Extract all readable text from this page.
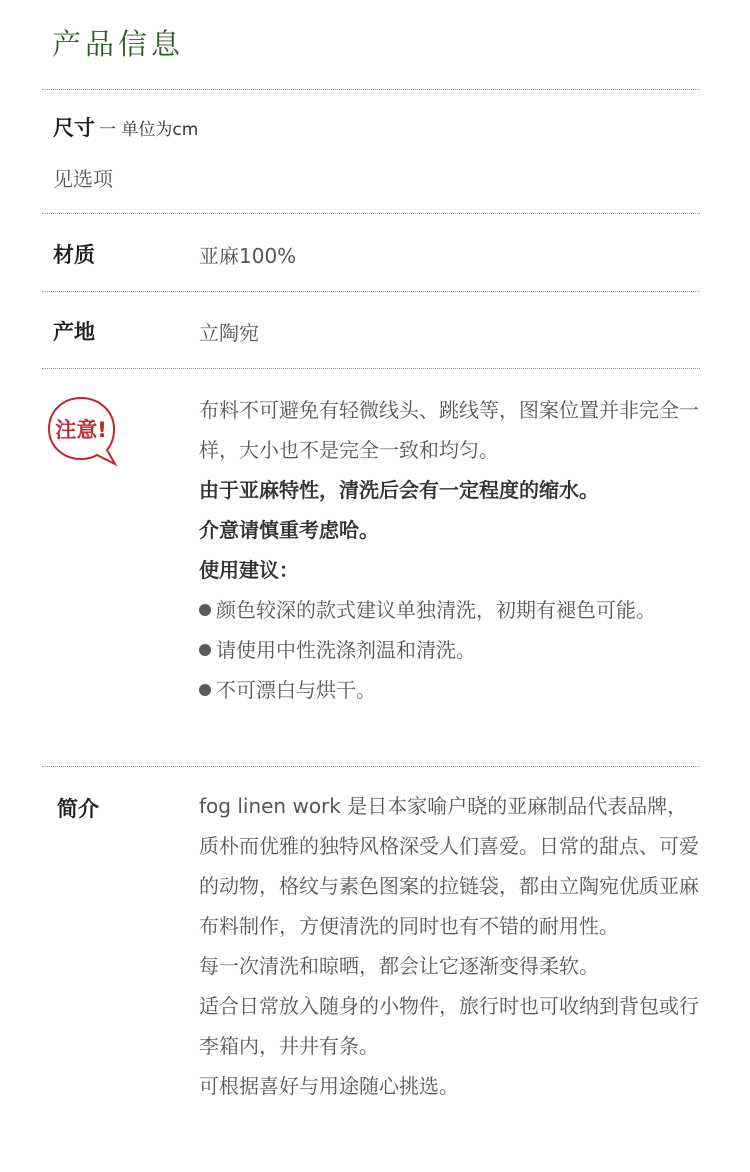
产品信息
尺寸 一 单位为cm
见选项
材质	亚麻100%
产地	立陶宛
注意!

布料不可避免有轻微线头、跳线等，图案位置并非完全一样，大小也不是完全一致和均匀。

由于亚麻特性，清洗后会有一定程度的缩水。

介意请慎重考虑哈。

使用建议：

颜色较深的款式建议单独清洗，初期有褪色可能。

请使用中性洗涤剂温和清洗。

不可漂白与烘干。

简介	fog linen work 是日本家喻户晓的亚麻制品代表品牌，质朴而优雅的独特风格深受人们喜爱。日常的甜点、可爱的动物，格纹与素色图案的拉链袋，都由立陶宛优质亚麻布料制作，方便清洗的同时也有不错的耐用性。

每一次清洗和晾晒，都会让它逐渐变得柔软。

适合日常放入随身的小物件，旅行时也可收纳到背包或行李箱内，井井有条。

可根据喜好与用途随心挑选。
